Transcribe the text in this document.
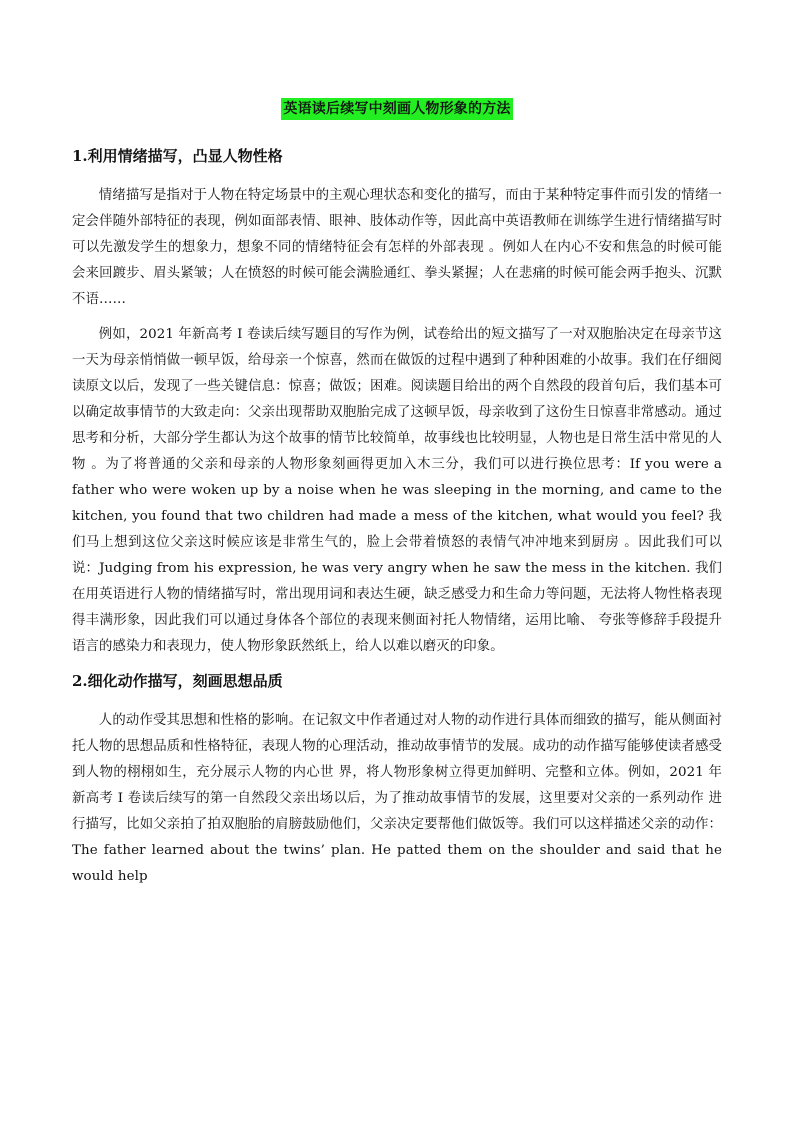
英语读后续写中刻画人物形象的方法
1.利用情绪描写，凸显人物性格

情绪描写是指对于人物在特定场景中的主观心理状态和变化的描写，而由于某种特定事件而引发的情绪一定会伴随外部特征的表现，例如面部表情、眼神、肢体动作等，因此高中英语教师在训练学生进行情绪描写时可以先激发学生的想象力，想象不同的情绪特征会有怎样的外部表现 。例如人在内心不安和焦急的时候可能会来回踱步、眉头紧皱；人在愤怒的时候可能会满脸通红、拳头紧握；人在悲痛的时候可能会两手抱头、沉默不语……

例如，2021 年新高考 I 卷读后续写题目的写作为例，试卷给出的短文描写了一对双胞胎决定在母亲节这一天为母亲悄悄做一顿早饭，给母亲一个惊喜，然而在做饭的过程中遇到了种种困难的小故事。我们在仔细阅读原文以后，发现了一些关键信息：惊喜；做饭；困难。阅读题目给出的两个自然段的段首句后，我们基本可以确定故事情节的大致走向：父亲出现帮助双胞胎完成了这顿早饭，母亲收到了这份生日惊喜非常感动。通过思考和分析，大部分学生都认为这个故事的情节比较简单，故事线也比较明显，人物也是日常生活中常见的人物 。为了将普通的父亲和母亲的人物形象刻画得更加入木三分，我们可以进行换位思考：If you were a father who were woken up by a noise when he was sleeping in the morning, and came to the kitchen, you found that two children had made a mess of the kitchen, what would you feel? 我们马上想到这位父亲这时候应该是非常生气的，脸上会带着愤怒的表情气冲冲地来到厨房 。因此我们可以说：Judging from his expression, he was very angry when he saw the mess in the kitchen. 我们在用英语进行人物的情绪描写时，常出现用词和表达生硬，缺乏感受力和生命力等问题，无法将人物性格表现得丰满形象，因此我们可以通过身体各个部位的表现来侧面衬托人物情绪，运用比喻、 夸张等修辞手段提升语言的感染力和表现力，使人物形象跃然纸上，给人以难以磨灭的印象。

2.细化动作描写，刻画思想品质

人的动作受其思想和性格的影响。在记叙文中作者通过对人物的动作进行具体而细致的描写，能从侧面衬托人物的思想品质和性格特征，表现人物的心理活动，推动故事情节的发展。成功的动作描写能够使读者感受到人物的栩栩如生，充分展示人物的内心世 界，将人物形象树立得更加鲜明、完整和立体。例如，2021 年新高考 I 卷读后续写的第一自然段父亲出场以后，为了推动故事情节的发展，这里要对父亲的一系列动作 进行描写，比如父亲拍了拍双胞胎的肩膀鼓励他们，父亲决定要帮他们做饭等。我们可以这样描述父亲的动作：The father learned about the twins’ plan. He patted them on the shoulder and said that he would help
